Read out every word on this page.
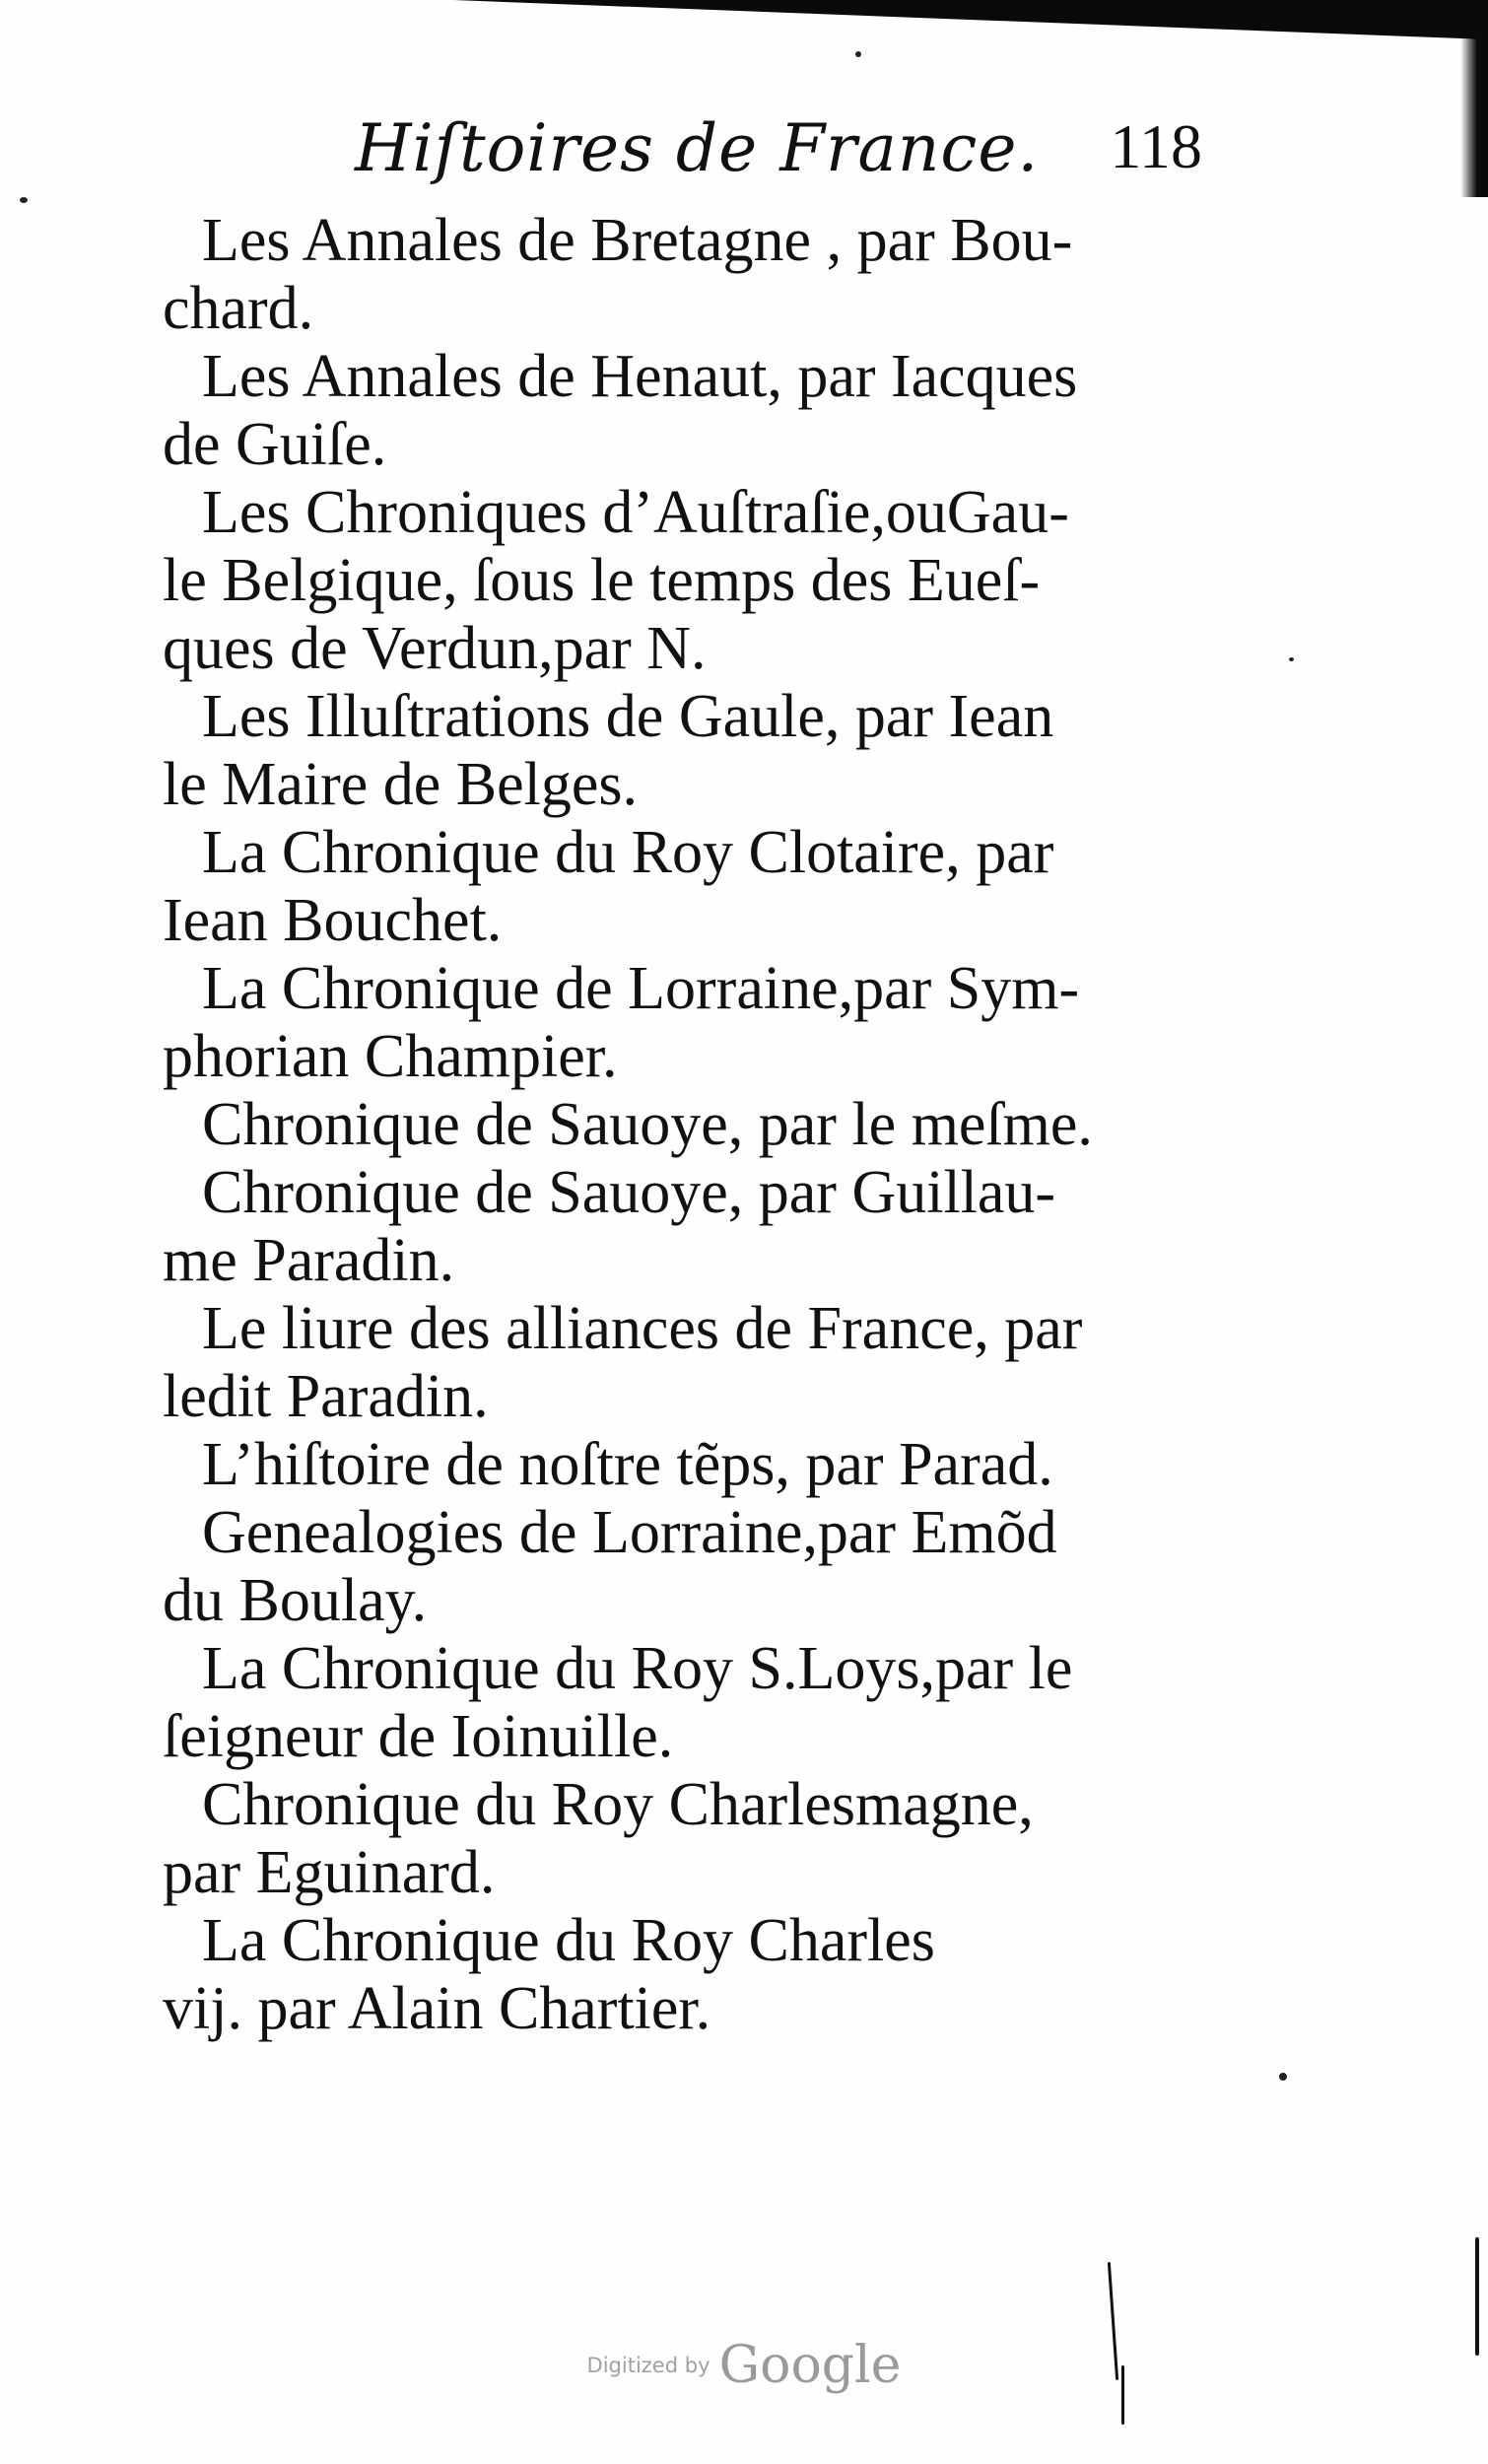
Hiſtoires de France. 118

Les Annales de Bretagne , par Bou-
chard.

Les Annales de Henaut, par Iacques
de Guiſe.

Les Chroniques d’Auſtraſie,ouGau-
le Belgique, ſous le temps des Eueſ-
ques de Verdun,par N.

Les Illuſtrations de Gaule, par Iean
le Maire de Belges.

La Chronique du Roy Clotaire, par
Iean Bouchet.

La Chronique de Lorraine,par Sym-
phorian Champier.

Chronique de Sauoye, par le meſme.

Chronique de Sauoye, par Guillau-
me Paradin.

Le liure des alliances de France, par
ledit Paradin.

L’hiſtoire de noſtre tẽps, par Parad.

Genealogies de Lorraine,par Emõd
du Boulay.

La Chronique du Roy S.Loys,par le
ſeigneur de Ioinuille.

Chronique du Roy Charlesmagne,
par Eguinard.

La Chronique du Roy Charles
vij. par Alain Chartier.

Digitized by Google
